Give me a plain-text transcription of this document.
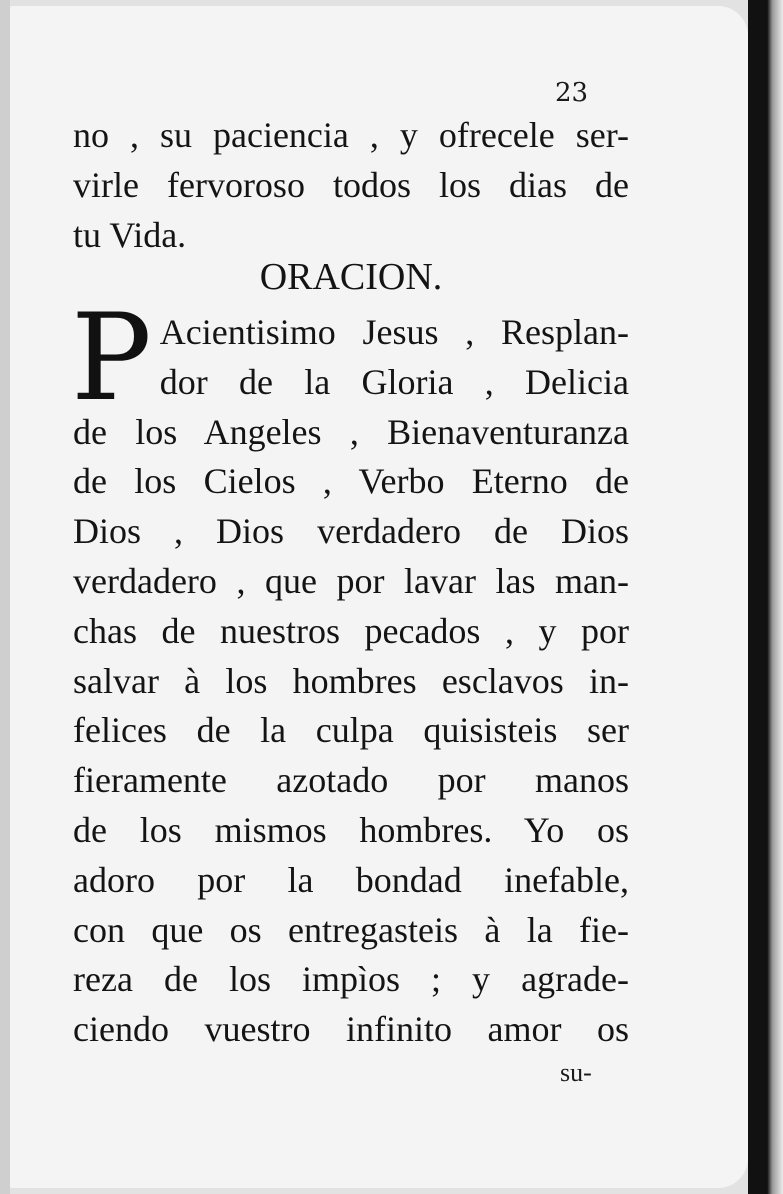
23
no , su paciencia , y ofrecele ser-
virle fervoroso todos los dias de
tu Vida.
ORACION.
P Acientisimo Jesus , Resplan-
dor de la Gloria , Delicia
de los Angeles , Bienaventuranza
de los Cielos , Verbo Eterno de
Dios , Dios verdadero de Dios
verdadero , que por lavar las man-
chas de nuestros pecados , y por
salvar à los hombres esclavos in-
felices de la culpa quisisteis ser
fieramente azotado por manos
de los mismos hombres. Yo os
adoro por la bondad inefable,
con que os entregasteis à la fie-
reza de los impìos ; y agrade-
ciendo vuestro infinito amor os
su-
